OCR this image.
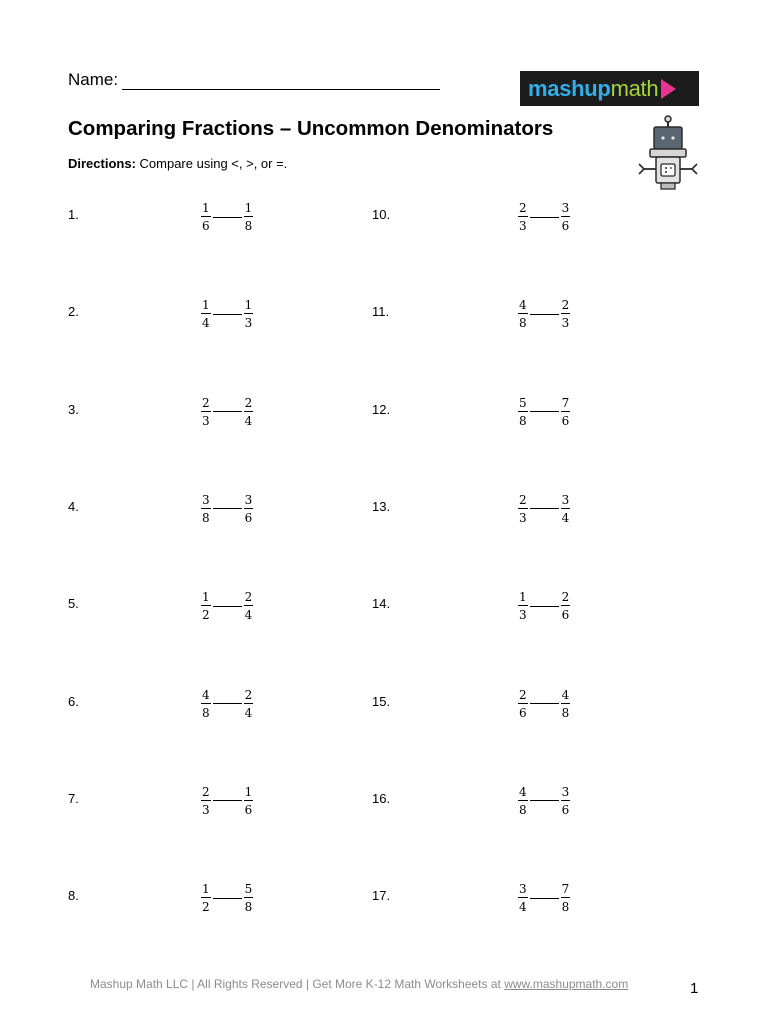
Name:	mashupmath
Comparing Fractions – Uncommon Denominators
Directions: Compare using <, >, or =.
1.	$\frac{1}{6}$	$\frac{1}{8}$
2.	$\frac{1}{4}$	$\frac{1}{3}$
3.	$\frac{2}{3}$	$\frac{2}{4}$
4.	$\frac{3}{8}$	$\frac{3}{6}$
5.	$\frac{1}{2}$	$\frac{2}{4}$
6.	$\frac{4}{8}$	$\frac{2}{4}$
7.	$\frac{2}{3}$	$\frac{1}{6}$
8.	$\frac{1}{2}$	$\frac{5}{8}$
10.	$\frac{2}{3}$	$\frac{3}{6}$
11.	$\frac{4}{8}$	$\frac{2}{3}$
12.	$\frac{5}{8}$	$\frac{7}{6}$
13.	$\frac{2}{3}$	$\frac{3}{4}$
14.	$\frac{1}{3}$	$\frac{2}{6}$
15.	$\frac{2}{6}$	$\frac{4}{8}$
16.	$\frac{4}{8}$	$\frac{3}{6}$
17.	$\frac{3}{4}$	$\frac{7}{8}$
Mashup Math LLC | All Rights Reserved | Get More K-12 Math Worksheets at www.mashupmath.com	1
